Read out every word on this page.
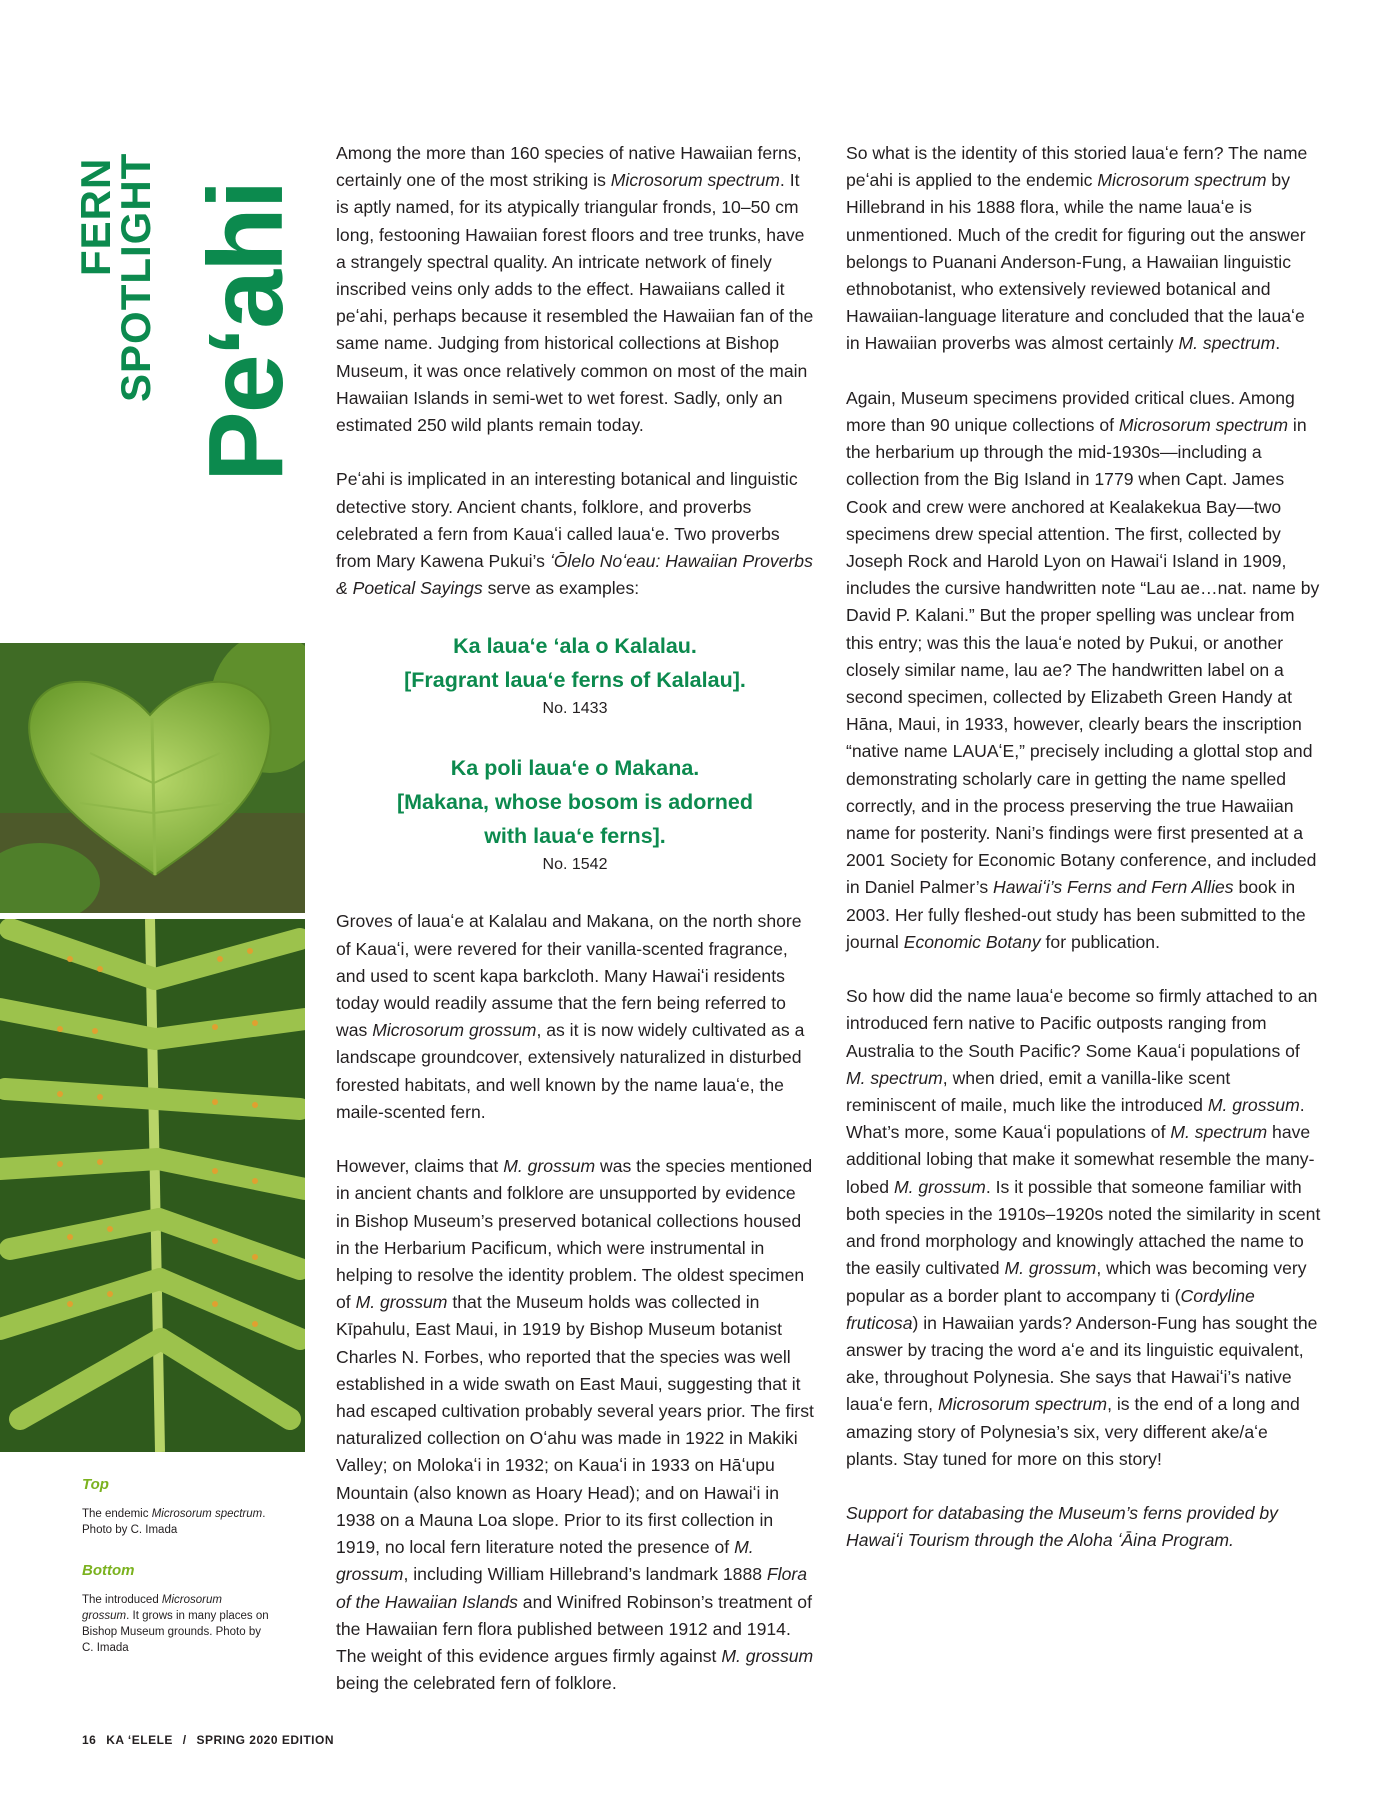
FERN
SPOTLIGHT Peʻahi
Top

The endemic Microsorum spectrum. Photo by C. Imada

Bottom

The introduced Microsorum grossum. It grows in many places on Bishop Museum grounds. Photo by C. Imada

Among the more than 160 species of native Hawaiian ferns, certainly one of the most striking is Microsorum spectrum. It is aptly named, for its atypically triangular fronds, 10–50 cm long, festooning Hawaiian forest floors and tree trunks, have a strangely spectral quality. An intricate network of finely inscribed veins only adds to the effect. Hawaiians called it peʻahi, perhaps because it resembled the Hawaiian fan of the same name. Judging from historical collections at Bishop Museum, it was once relatively common on most of the main Hawaiian Islands in semi-wet to wet forest. Sadly, only an estimated 250 wild plants remain today.

Peʻahi is implicated in an interesting botanical and linguistic detective story. Ancient chants, folklore, and proverbs celebrated a fern from Kauaʻi called lauaʻe. Two proverbs from Mary Kawena Pukui’s ʻŌlelo Noʻeau: Hawaiian Proverbs & Poetical Sayings serve as examples:

Ka lauaʻe ʻala o Kalalau.
[Fragrant lauaʻe ferns of Kalalau].
No. 1433
Ka poli lauaʻe o Makana.
[Makana, whose bosom is adorned
with lauaʻe ferns].
No. 1542

Groves of lauaʻe at Kalalau and Makana, on the north shore of Kauaʻi, were revered for their vanilla-scented fragrance, and used to scent kapa barkcloth. Many Hawaiʻi residents today would readily assume that the fern being referred to was Microsorum grossum, as it is now widely cultivated as a landscape groundcover, extensively naturalized in disturbed forested habitats, and well known by the name lauaʻe, the maile-scented fern.

However, claims that M. grossum was the species mentioned in ancient chants and folklore are unsupported by evidence in Bishop Museum’s preserved botanical collections housed in the Herbarium Pacificum, which were instrumental in helping to resolve the identity problem. The oldest specimen of M. grossum that the Museum holds was collected in Kīpahulu, East Maui, in 1919 by Bishop Museum botanist Charles N. Forbes, who reported that the species was well established in a wide swath on East Maui, suggesting that it had escaped cultivation probably several years prior. The first naturalized collection on Oʻahu was made in 1922 in Makiki Valley; on Molokaʻi in 1932; on Kauaʻi in 1933 on Hāʻupu Mountain (also known as Hoary Head); and on Hawaiʻi in 1938 on a Mauna Loa slope. Prior to its first collection in 1919, no local fern literature noted the presence of M. grossum, including William Hillebrand’s landmark 1888 Flora of the Hawaiian Islands and Winifred Robinson’s treatment of the Hawaiian fern flora published between 1912 and 1914. The weight of this evidence argues firmly against M. grossum being the celebrated fern of folklore.

So what is the identity of this storied lauaʻe fern? The name peʻahi is applied to the endemic Microsorum spectrum by Hillebrand in his 1888 flora, while the name lauaʻe is unmentioned. Much of the credit for figuring out the answer belongs to Puanani Anderson-Fung, a Hawaiian linguistic ethnobotanist, who extensively reviewed botanical and Hawaiian-language literature and concluded that the lauaʻe in Hawaiian proverbs was almost certainly M. spectrum.

Again, Museum specimens provided critical clues. Among more than 90 unique collections of Microsorum spectrum in the herbarium up through the mid-1930s—including a collection from the Big Island in 1779 when Capt. James Cook and crew were anchored at Kealakekua Bay—two specimens drew special attention. The first, collected by Joseph Rock and Harold Lyon on Hawaiʻi Island in 1909, includes the cursive handwritten note “Lau ae…nat. name by David P. Kalani.” But the proper spelling was unclear from this entry; was this the lauaʻe noted by Pukui, or another closely similar name, lau ae? The handwritten label on a second specimen, collected by Elizabeth Green Handy at Hāna, Maui, in 1933, however, clearly bears the inscription “native name LAUAʻE,” precisely including a glottal stop and demonstrating scholarly care in getting the name spelled correctly, and in the process preserving the true Hawaiian name for posterity. Nani’s findings were first presented at a 2001 Society for Economic Botany conference, and included in Daniel Palmer’s Hawaiʻi’s Ferns and Fern Allies book in 2003. Her fully fleshed-out study has been submitted to the journal Economic Botany for publication.

So how did the name lauaʻe become so firmly attached to an introduced fern native to Pacific outposts ranging from Australia to the South Pacific? Some Kauaʻi populations of M. spectrum, when dried, emit a vanilla-like scent reminiscent of maile, much like the introduced M. grossum. What’s more, some Kauaʻi populations of M. spectrum have additional lobing that make it somewhat resemble the many-lobed M. grossum. Is it possible that someone familiar with both species in the 1910s–1920s noted the similarity in scent and frond morphology and knowingly attached the name to the easily cultivated M. grossum, which was becoming very popular as a border plant to accompany ti (Cordyline fruticosa) in Hawaiian yards? Anderson-Fung has sought the answer by tracing the word aʻe and its linguistic equivalent, ake, throughout Polynesia. She says that Hawaiʻi’s native lauaʻe fern, Microsorum spectrum, is the end of a long and amazing story of Polynesia’s six, very different ake/aʻe plants. Stay tuned for more on this story!

Support for databasing the Museum’s ferns provided by Hawaiʻi Tourism through the Aloha ʻĀina Program.

16 KA ʻELELE / SPRING 2020 EDITION
